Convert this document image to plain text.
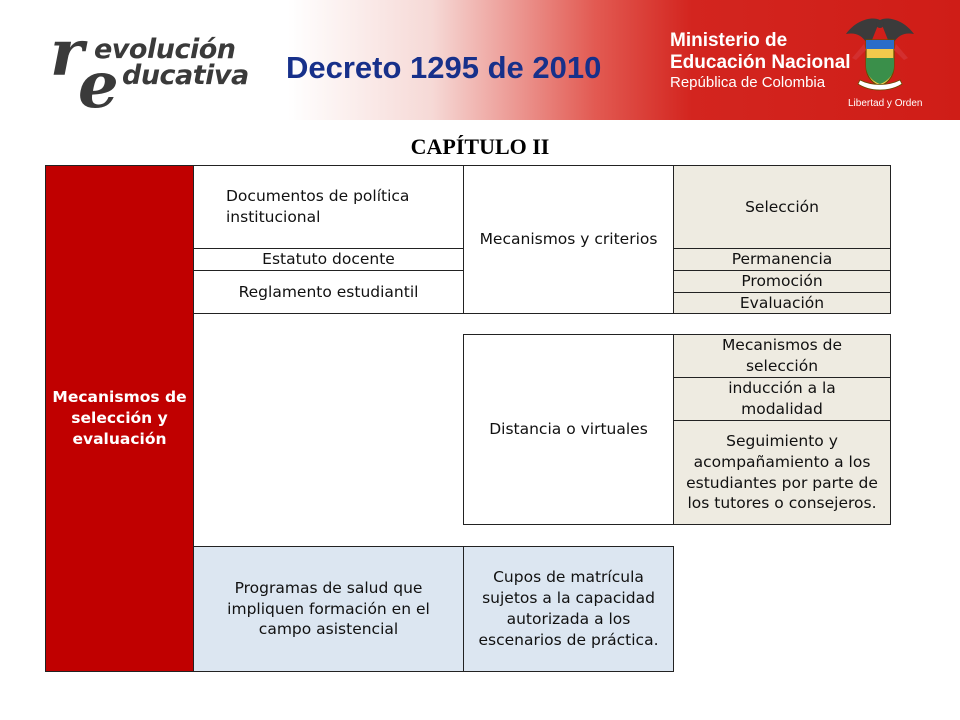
r
e
evolución
ducativa Decreto 1295 de 2010
Ministerio de
Educación Nacional
República de Colombia
Libertad y Orden
CAPÍTULO II
Mecanismos de selección y evaluación
Documentos de política institucional
Estatuto docente
Reglamento estudiantil
Mecanismos y criterios
Selección
Permanencia
Promoción
Evaluación
Distancia o virtuales
Mecanismos de selección
inducción a la modalidad
Seguimiento y acompañamiento a los estudiantes por parte de los tutores o consejeros.
Programas de salud que impliquen formación en el campo asistencial
Cupos de matrícula sujetos a la capacidad autorizada a los escenarios de práctica.
